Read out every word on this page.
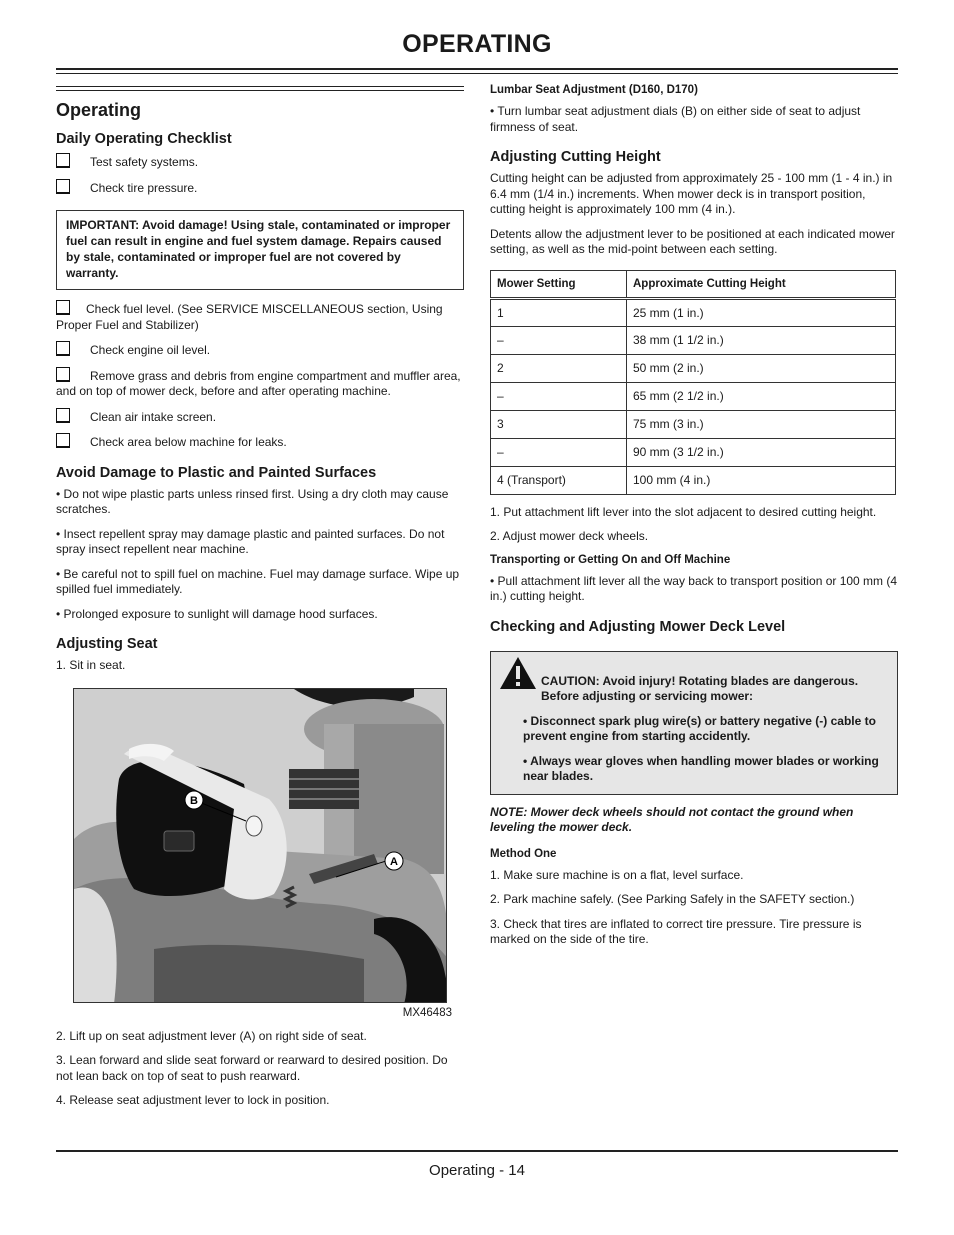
OPERATING
Operating
Daily Operating Checklist
Test safety systems.
Check tire pressure.
IMPORTANT: Avoid damage! Using stale, contaminated or improper fuel can result in engine and fuel system damage. Repairs caused by stale, contaminated or improper fuel are not covered by warranty.
Check fuel level. (See SERVICE MISCELLANEOUS section, Using Proper Fuel and Stabilizer)
Check engine oil level.
Remove grass and debris from engine compartment and muffler area, and on top of mower deck, before and after operating machine.
Clean air intake screen.
Check area below machine for leaks.
Avoid Damage to Plastic and Painted Surfaces
• Do not wipe plastic parts unless rinsed first. Using a dry cloth may cause scratches.
• Insect repellent spray may damage plastic and painted surfaces. Do not spray insect repellent near machine.
• Be careful not to spill fuel on machine. Fuel may damage surface. Wipe up spilled fuel immediately.
• Prolonged exposure to sunlight will damage hood surfaces.
Adjusting Seat
1. Sit in seat.
B
A
MX46483
2. Lift up on seat adjustment lever (A) on right side of seat.
3. Lean forward and slide seat forward or rearward to desired position. Do not lean back on top of seat to push rearward.
4. Release seat adjustment lever to lock in position.
Lumbar Seat Adjustment (D160, D170)
• Turn lumbar seat adjustment dials (B) on either side of seat to adjust firmness of seat.
Adjusting Cutting Height
Cutting height can be adjusted from approximately 25 - 100 mm (1 - 4 in.) in 6.4 mm (1/4 in.) increments. When mower deck is in transport position, cutting height is approximately 100 mm (4 in.).
Detents allow the adjustment lever to be positioned at each indicated mower setting, as well as the mid-point between each setting.
Mower Setting	Approximate Cutting Height
1	25 mm (1 in.)
–	38 mm (1 1/2 in.)
2	50 mm (2 in.)
–	65 mm (2 1/2 in.)
3	75 mm (3 in.)
–	90 mm (3 1/2 in.)
4 (Transport)	100 mm (4 in.)
1. Put attachment lift lever into the slot adjacent to desired cutting height.
2. Adjust mower deck wheels.
Transporting or Getting On and Off Machine
• Pull attachment lift lever all the way back to transport position or 100 mm (4 in.) cutting height.
Checking and Adjusting Mower Deck Level
CAUTION: Avoid injury! Rotating blades are dangerous. Before adjusting or servicing mower:
• Disconnect spark plug wire(s) or battery negative (-) cable to prevent engine from starting accidently.
• Always wear gloves when handling mower blades or working near blades.
NOTE: Mower deck wheels should not contact the ground when leveling the mower deck.
Method One
1. Make sure machine is on a flat, level surface.
2. Park machine safely. (See Parking Safely in the SAFETY section.)
3. Check that tires are inflated to correct tire pressure. Tire pressure is marked on the side of the tire.
Operating - 14
